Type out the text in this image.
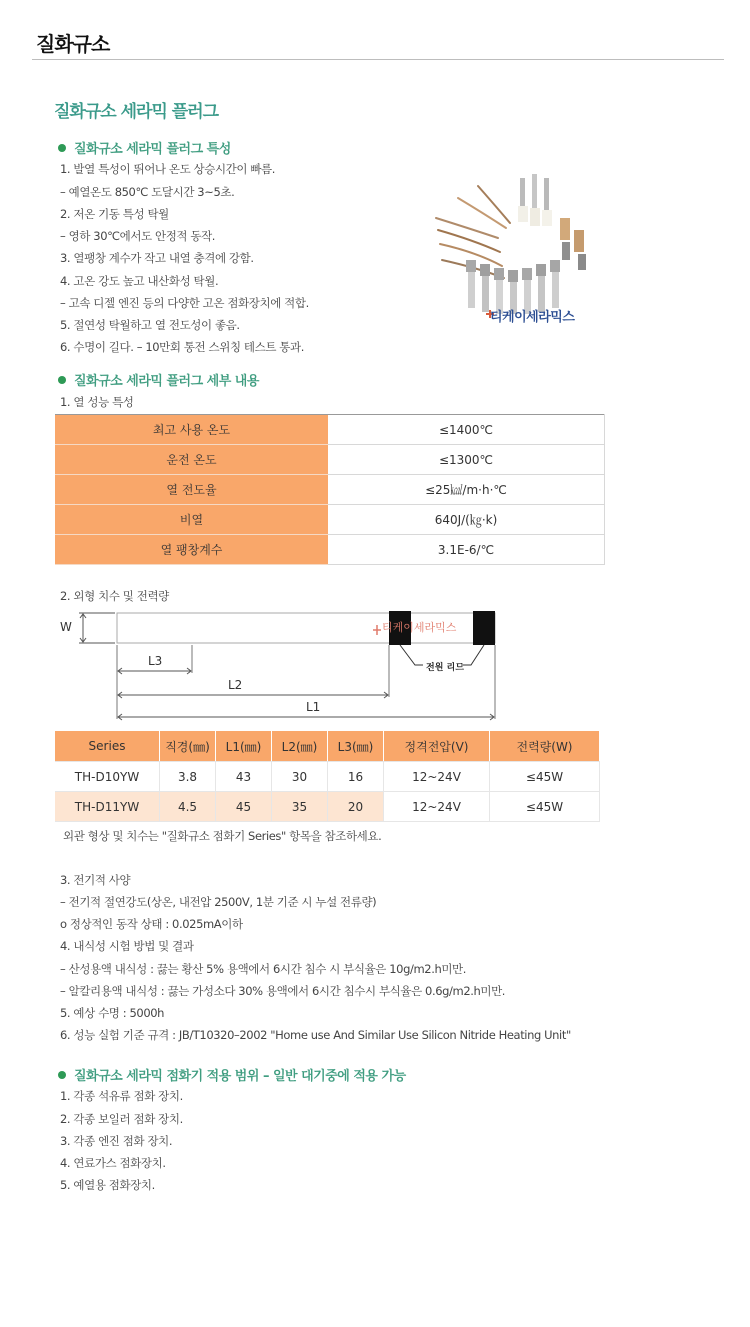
질화규소
질화규소 세라믹 플러그
질화규소 세라믹 플러그 특성
1. 발열 특성이 뛰어나 온도 상승시간이 빠름.
– 예열온도 850℃ 도달시간 3~5초.
2. 저온 기동 특성 탁월
– 영하 30℃에서도 안정적 동작.
3. 열팽창 계수가 작고 내열 충격에 강함.
4. 고온 강도 높고 내산화성 탁월.
– 고속 디젤 엔진 등의 다양한 고온 점화장치에 적합.
5. 절연성 탁월하고 열 전도성이 좋음.
6. 수명이 길다. – 10만회 통전 스위칭 테스트 통과.
티케이세라믹스
질화규소 세라믹 플러그 세부 내용
1. 열 성능 특성
최고 사용 온도	≤1400℃
운전 온도	≤1300℃
열 전도율	≤25㎉/m·h·℃
비열	640J/(㎏·k)
열 팽창계수	3.1E-6/℃
2. 외형 치수 및 전력량
티케이세라믹스
전원 리드
W
L3
L2
L1
Series	직경(㎜)	L1(㎜)	L2(㎜)	L3(㎜)	정격전압(V)	전력량(W)
TH-D10YW	3.8	43	30	16	12~24V	≤45W
TH-D11YW	4.5	45	35	20	12~24V	≤45W
외관 형상 및 치수는 "질화규소 점화기 Series" 항목을 참조하세요.
3. 전기적 사양
– 전기적 절연강도(상온, 내전압 2500V, 1분 기준 시 누설 전류량)
o 정상적인 동작 상태 : 0.025mA이하
4. 내식성 시험 방법 및 결과
– 산성용액 내식성 : 끓는 황산 5% 용액에서 6시간 침수 시 부식율은 10g/m2.h미만.
– 알칼리용액 내식성 : 끓는 가성소다 30% 용액에서 6시간 침수시 부식율은 0.6g/m2.h미만.
5. 예상 수명 : 5000h
6. 성능 실험 기준 규격 : JB/T10320–2002 "Home use And Similar Use Silicon Nitride Heating Unit"
질화규소 세라믹 점화기 적용 범위 – 일반 대기중에 적용 가능
1. 각종 석유류 점화 장치.
2. 각종 보일러 점화 장치.
3. 각종 엔진 점화 장치.
4. 연료가스 점화장치.
5. 예열용 점화장치.
